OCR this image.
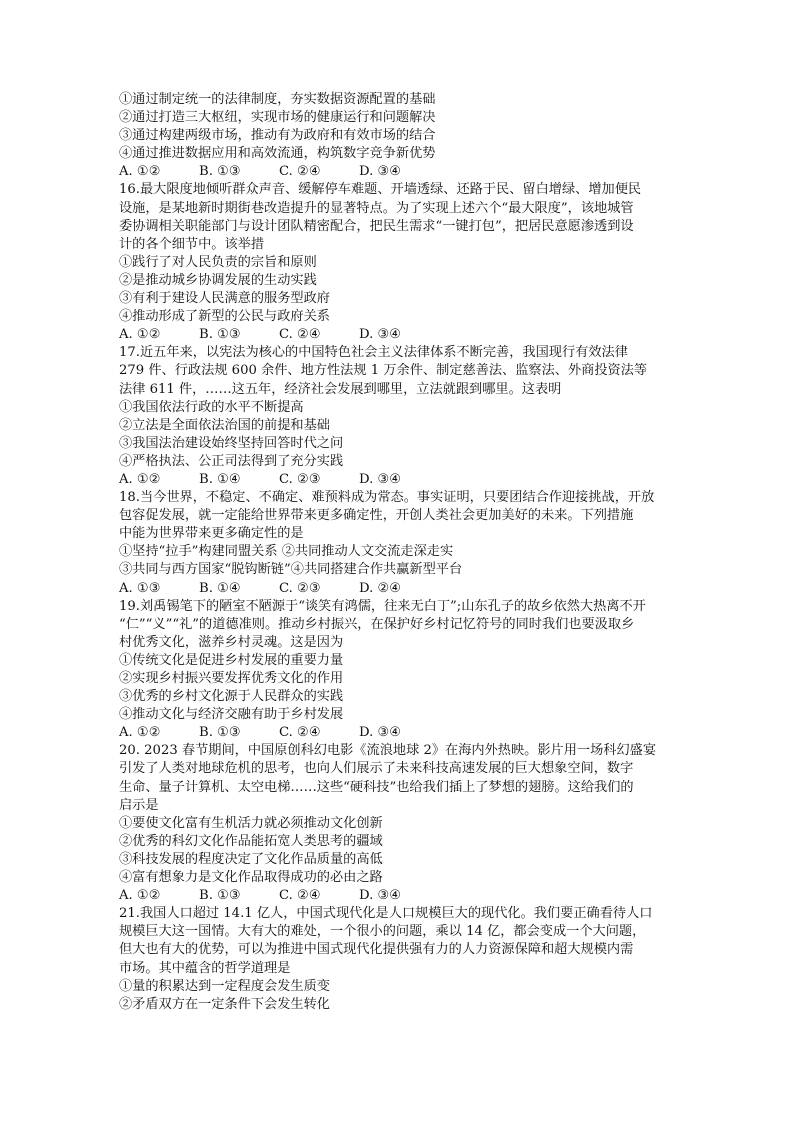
①通过制定统一的法律制度，夯实数据资源配置的基础
②通过打造三大枢纽，实现市场的健康运行和问题解决
③通过构建两级市场，推动有为政府和有效市场的结合
④通过推进数据应用和高效流通，构筑数字竞争新优势
A. ①②	B. ①③	C. ②④	D. ③④
16.最大限度地倾听群众声音、缓解停车难题、开墙透绿、还路于民、留白增绿、增加便民
设施，是某地新时期街巷改造提升的显著特点。为了实现上述六个“最大限度”，该地城管
委协调相关职能部门与设计团队精密配合，把民生需求“一键打包”，把居民意愿渗透到设
计的各个细节中。该举措
①践行了对人民负责的宗旨和原则
②是推动城乡协调发展的生动实践
③有利于建设人民满意的服务型政府
④推动形成了新型的公民与政府关系
A. ①②	B. ①③	C. ②④	D. ③④
17.近五年来，以宪法为核心的中国特色社会主义法律体系不断完善，我国现行有效法律
279 件、行政法规 600 余件、地方性法规 1 万余件、制定慈善法、监察法、外商投资法等
法律 611 件，……这五年，经济社会发展到哪里，立法就跟到哪里。这表明
①我国依法行政的水平不断提高
②立法是全面依法治国的前提和基础
③我国法治建设始终坚持回答时代之问
④严格执法、公正司法得到了充分实践
A. ①②	B. ①④	C. ②③	D. ③④
18.当今世界，不稳定、不确定、难预料成为常态。事实证明，只要团结合作迎接挑战，开放
包容促发展，就一定能给世界带来更多确定性，开创人类社会更加美好的未来。下列措施
中能为世界带来更多确定性的是
①坚持“拉手”构建同盟关系 ②共同推动人文交流走深走实
③共同与西方国家“脱钩断链”④共同搭建合作共赢新型平台
A. ①③	B. ①④	C. ②③	D. ②④
19.刘禹锡笔下的陋室不陋源于“谈笑有鸿儒，往来无白丁”;山东孔子的故乡依然大热离不开
“仁”“义”“礼”的道德准则。推动乡村振兴，在保护好乡村记忆符号的同时我们也要汲取乡
村优秀文化，滋养乡村灵魂。这是因为
①传统文化是促进乡村发展的重要力量
②实现乡村振兴要发挥优秀文化的作用
③优秀的乡村文化源于人民群众的实践
④推动文化与经济交融有助于乡村发展
A. ①②	B. ①③	C. ②④	D. ③④
20. 2023 春节期间，中国原创科幻电影《流浪地球 2》在海内外热映。影片用一场科幻盛宴
引发了人类对地球危机的思考，也向人们展示了未来科技高速发展的巨大想象空间，数字
生命、量子计算机、太空电梯……这些“硬科技”也给我们插上了梦想的翅膀。这给我们的
启示是
①要使文化富有生机活力就必须推动文化创新
②优秀的科幻文化作品能拓宽人类思考的疆域
③科技发展的程度决定了文化作品质量的高低
④富有想象力是文化作品取得成功的必由之路
A. ①②	B. ①③	C. ②④	D. ③④
21.我国人口超过 14.1 亿人，中国式现代化是人口规模巨大的现代化。我们要正确看待人口
规模巨大这一国情。大有大的难处，一个很小的问题，乘以 14 亿，都会变成一个大问题，
但大也有大的优势，可以为推进中国式现代化提供强有力的人力资源保障和超大规模内需
市场。其中蕴含的哲学道理是
①量的积累达到一定程度会发生质变
②矛盾双方在一定条件下会发生转化
